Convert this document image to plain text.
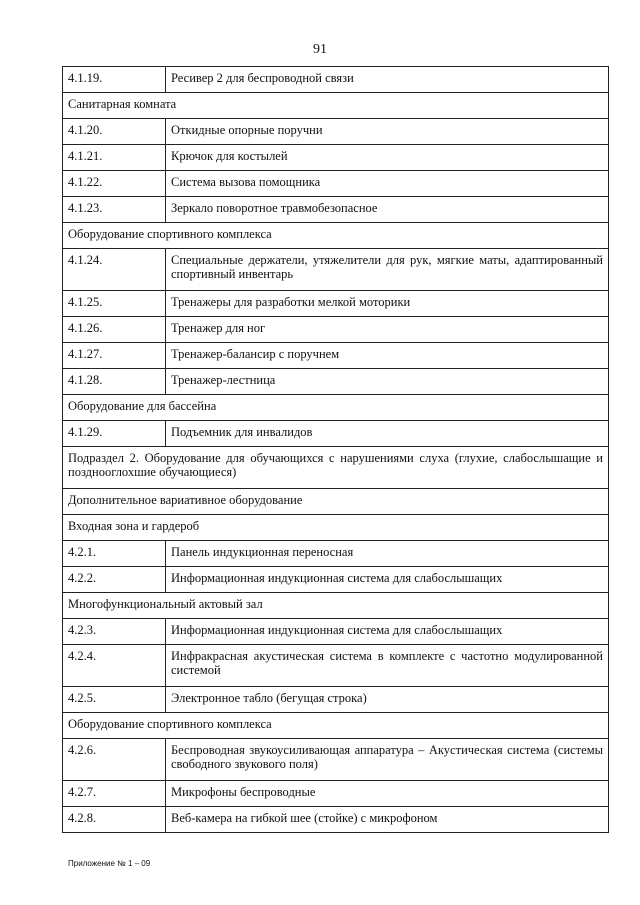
91
4.1.19.	Ресивер 2 для беспроводной связи
Санитарная комната	
4.1.20.	Откидные опорные поручни
4.1.21.	Крючок для костылей
4.1.22.	Система вызова помощника
4.1.23.	Зеркало поворотное травмобезопасное
Оборудование спортивного комплекса	
4.1.24.	Специальные держатели, утяжелители для рук, мягкие маты, адаптированный спортивный инвентарь
4.1.25.	Тренажеры для разработки мелкой моторики
4.1.26.	Тренажер для ног
4.1.27.	Тренажер-балансир с поручнем
4.1.28.	Тренажер-лестница
Оборудование для бассейна	
4.1.29.	Подъемник для инвалидов
Подраздел 2. Оборудование для обучающихся с нарушениями слуха (глухие, слабослышащие и позднооглохшие обучающиеся)	
Дополнительное вариативное оборудование	
Входная зона и гардероб	
4.2.1.	Панель индукционная переносная
4.2.2.	Информационная индукционная система для слабослышащих
Многофункциональный актовый зал	
4.2.3.	Информационная индукционная система для слабослышащих
4.2.4.	Инфракрасная акустическая система в комплекте с частотно модулированной системой
4.2.5.	Электронное табло (бегущая строка)
Оборудование спортивного комплекса	
4.2.6.	Беспроводная звукоусиливающая аппаратура – Акустическая система (системы свободного звукового поля)
4.2.7.	Микрофоны беспроводные
4.2.8.	Веб-камера на гибкой шее (стойке) с микрофоном
Приложение № 1 – 09
